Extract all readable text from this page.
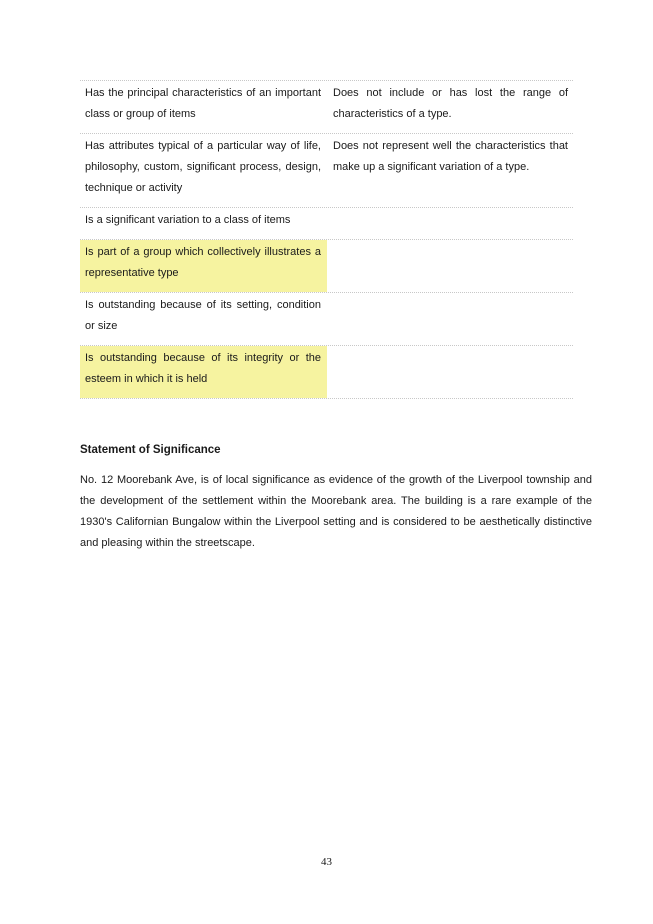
Has the principal characteristics of an important class or group of items
Does not include or has lost the range of characteristics of a type.
Has attributes typical of a particular way of life, philosophy, custom, significant process, design, technique or activity
Does not represent well the characteristics that make up a significant variation of a type.
Is a significant variation to a class of items
Is part of a group which collectively illustrates a representative type
Is outstanding because of its setting, condition or size
Is outstanding because of its integrity or the esteem in which it is held
Statement of Significance

No. 12 Moorebank Ave, is of local significance as evidence of the growth of the Liverpool township and the development of the settlement within the Moorebank area. The building is a rare example of the 1930's Californian Bungalow within the Liverpool setting and is considered to be aesthetically distinctive and pleasing within the streetscape.

43
